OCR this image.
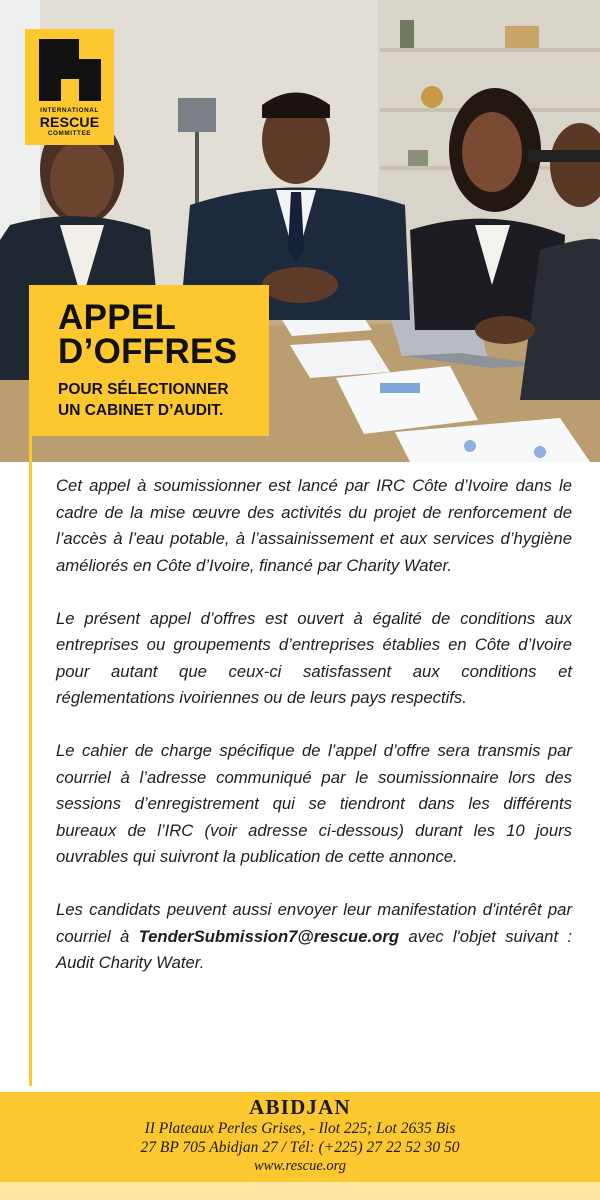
INTERNATIONAL
RESCUE
COMMITTEE
APPEL
D’OFFRES
POUR SÉLECTIONNER
UN CABINET D’AUDIT.

Cet appel à soumissionner est lancé par IRC Côte d’Ivoire dans le cadre de la mise œuvre des activités du projet de renforcement de l’accès à l’eau potable, à l’assainissement et aux services d’hygiène améliorés en Côte d’Ivoire, financé par Charity Water.

Le présent appel d’offres est ouvert à égalité de conditions aux entreprises ou groupements d’entreprises établies en Côte d’Ivoire pour autant que ceux-ci satisfassent aux conditions et réglementations ivoiriennes ou de leurs pays respectifs.

Le cahier de charge spécifique de l’appel d’offre sera transmis par courriel à l’adresse communiqué par le soumissionnaire lors des sessions d’enregistrement qui se tiendront dans les différents bureaux de l’IRC (voir adresse ci-dessous) durant les 10 jours ouvrables qui suivront la publication de cette annonce.

Les candidats peuvent aussi envoyer leur manifestation d'intérêt par courriel à TenderSubmission7@rescue.org avec l'objet suivant : Audit Charity Water.

ABIDJAN
II Plateaux Perles Grises, - Ilot 225; Lot 2635 Bis
27 BP 705 Abidjan 27 / Tél: (+225) 27 22 52 30 50
www.rescue.org
